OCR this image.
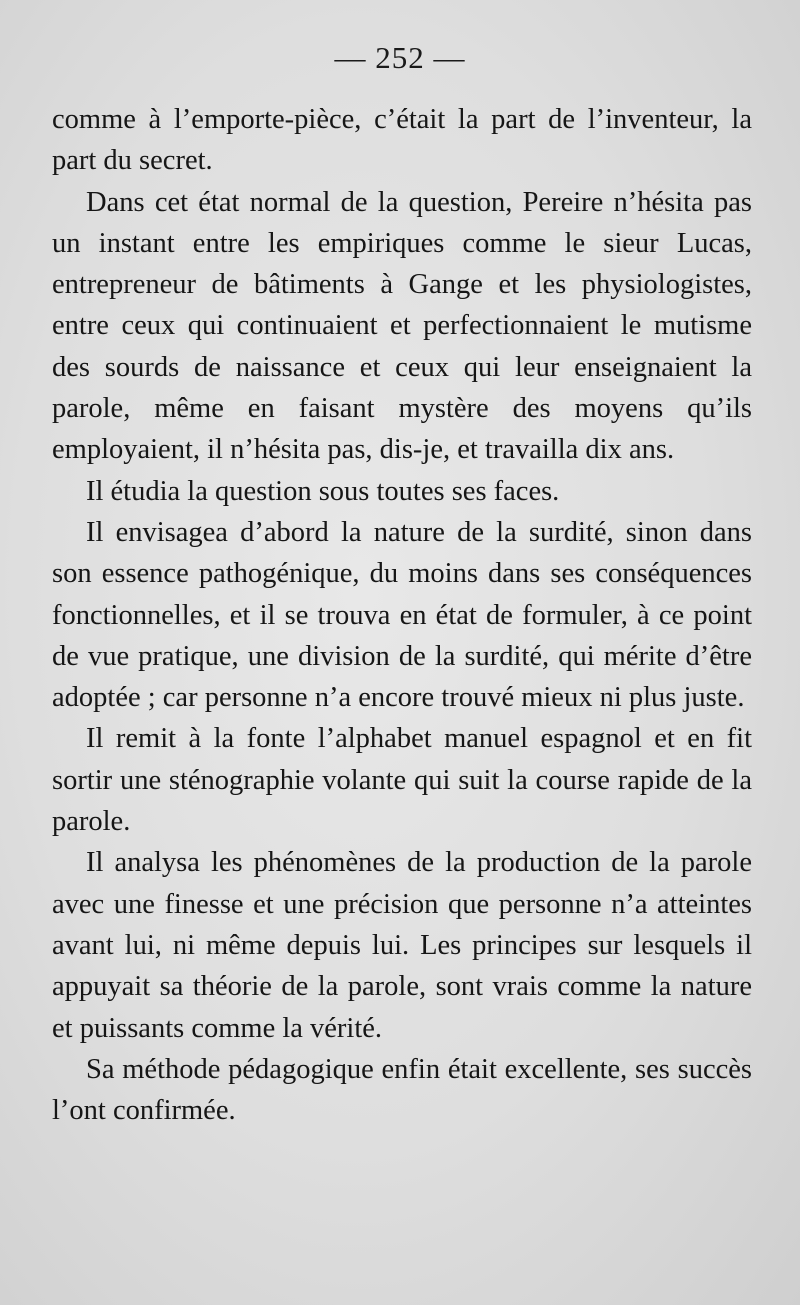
— 252 —

comme à l’emporte-pièce, c’était la part de l’inventeur, la part du secret.

Dans cet état normal de la question, Pereire n’hésita pas un instant entre les empiriques comme le sieur Lucas, entrepreneur de bâtiments à Gange et les physiologistes, entre ceux qui continuaient et perfectionnaient le mutisme des sourds de naissance et ceux qui leur enseignaient la parole, même en faisant mystère des moyens qu’ils employaient, il n’hésita pas, dis-je, et travailla dix ans.

Il étudia la question sous toutes ses faces.

Il envisagea d’abord la nature de la surdité, sinon dans son essence pathogénique, du moins dans ses conséquences fonctionnelles, et il se trouva en état de formuler, à ce point de vue pratique, une division de la surdité, qui mérite d’être adoptée ; car personne n’a encore trouvé mieux ni plus juste.

Il remit à la fonte l’alphabet manuel espagnol et en fit sortir une sténographie volante qui suit la course rapide de la parole.

Il analysa les phénomènes de la production de la parole avec une finesse et une précision que personne n’a atteintes avant lui, ni même depuis lui. Les principes sur lesquels il appuyait sa théorie de la parole, sont vrais comme la nature et puissants comme la vérité.

Sa méthode pédagogique enfin était excellente, ses succès l’ont confirmée.
